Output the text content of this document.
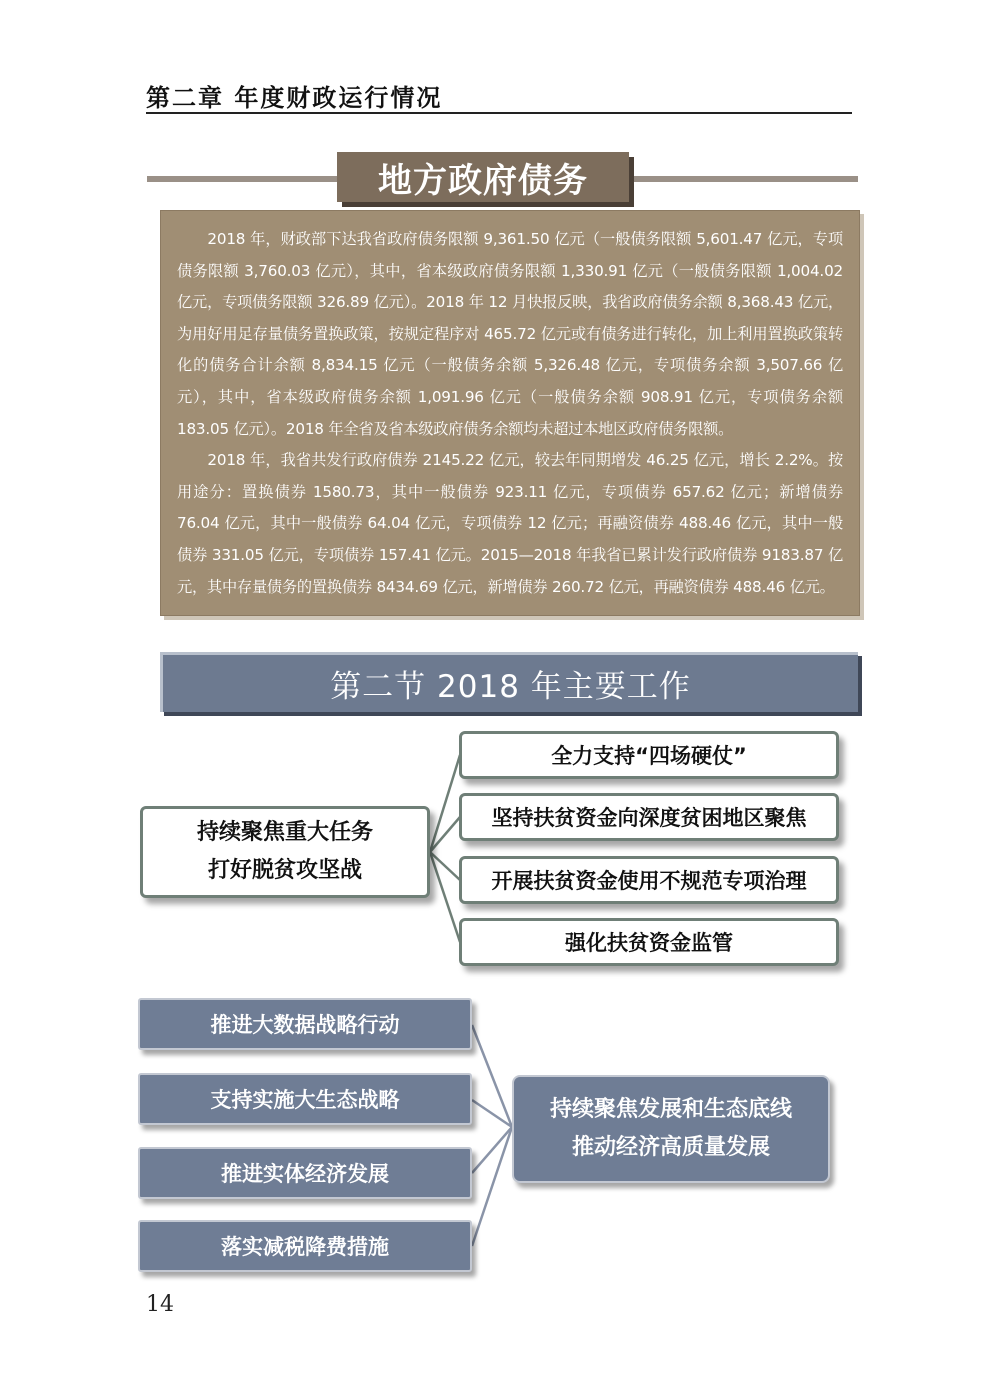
第二章 年度财政运行情况
地方政府债务

2018 年，财政部下达我省政府债务限额 9,361.50 亿元（一般债务限额 5,601.47 亿元，专项债务限额 3,760.03 亿元），其中，省本级政府债务限额 1,330.91 亿元（一般债务限额 1,004.02 亿元，专项债务限额 326.89 亿元）。2018 年 12 月快报反映，我省政府债务余额 8,368.43 亿元，为用好用足存量债务置换政策，按规定程序对 465.72 亿元或有债务进行转化，加上利用置换政策转化的债务合计余额 8,834.15 亿元（一般债务余额 5,326.48 亿元，专项债务余额 3,507.66 亿元），其中，省本级政府债务余额 1,091.96 亿元（一般债务余额 908.91 亿元，专项债务余额 183.05 亿元）。2018 年全省及省本级政府债务余额均未超过本地区政府债务限额。

2018 年，我省共发行政府债券 2145.22 亿元，较去年同期增发 46.25 亿元，增长 2.2%。按用途分：置换债券 1580.73，其中一般债券 923.11 亿元，专项债券 657.62 亿元；新增债券 76.04 亿元，其中一般债券 64.04 亿元，专项债券 12 亿元；再融资债券 488.46 亿元，其中一般债券 331.05 亿元，专项债券 157.41 亿元。2015—2018 年我省已累计发行政府债券 9183.87 亿元，其中存量债务的置换债券 8434.69 亿元，新增债券 260.72 亿元，再融资债券 488.46 亿元。

第二节 2018 年主要工作
持续聚焦重大任务
打好脱贫攻坚战
全力支持“四场硬仗”
坚持扶贫资金向深度贫困地区聚焦
开展扶贫资金使用不规范专项治理
强化扶贫资金监管
推进大数据战略行动
支持实施大生态战略
推进实体经济发展
落实减税降费措施
持续聚焦发展和生态底线
推动经济高质量发展
14
